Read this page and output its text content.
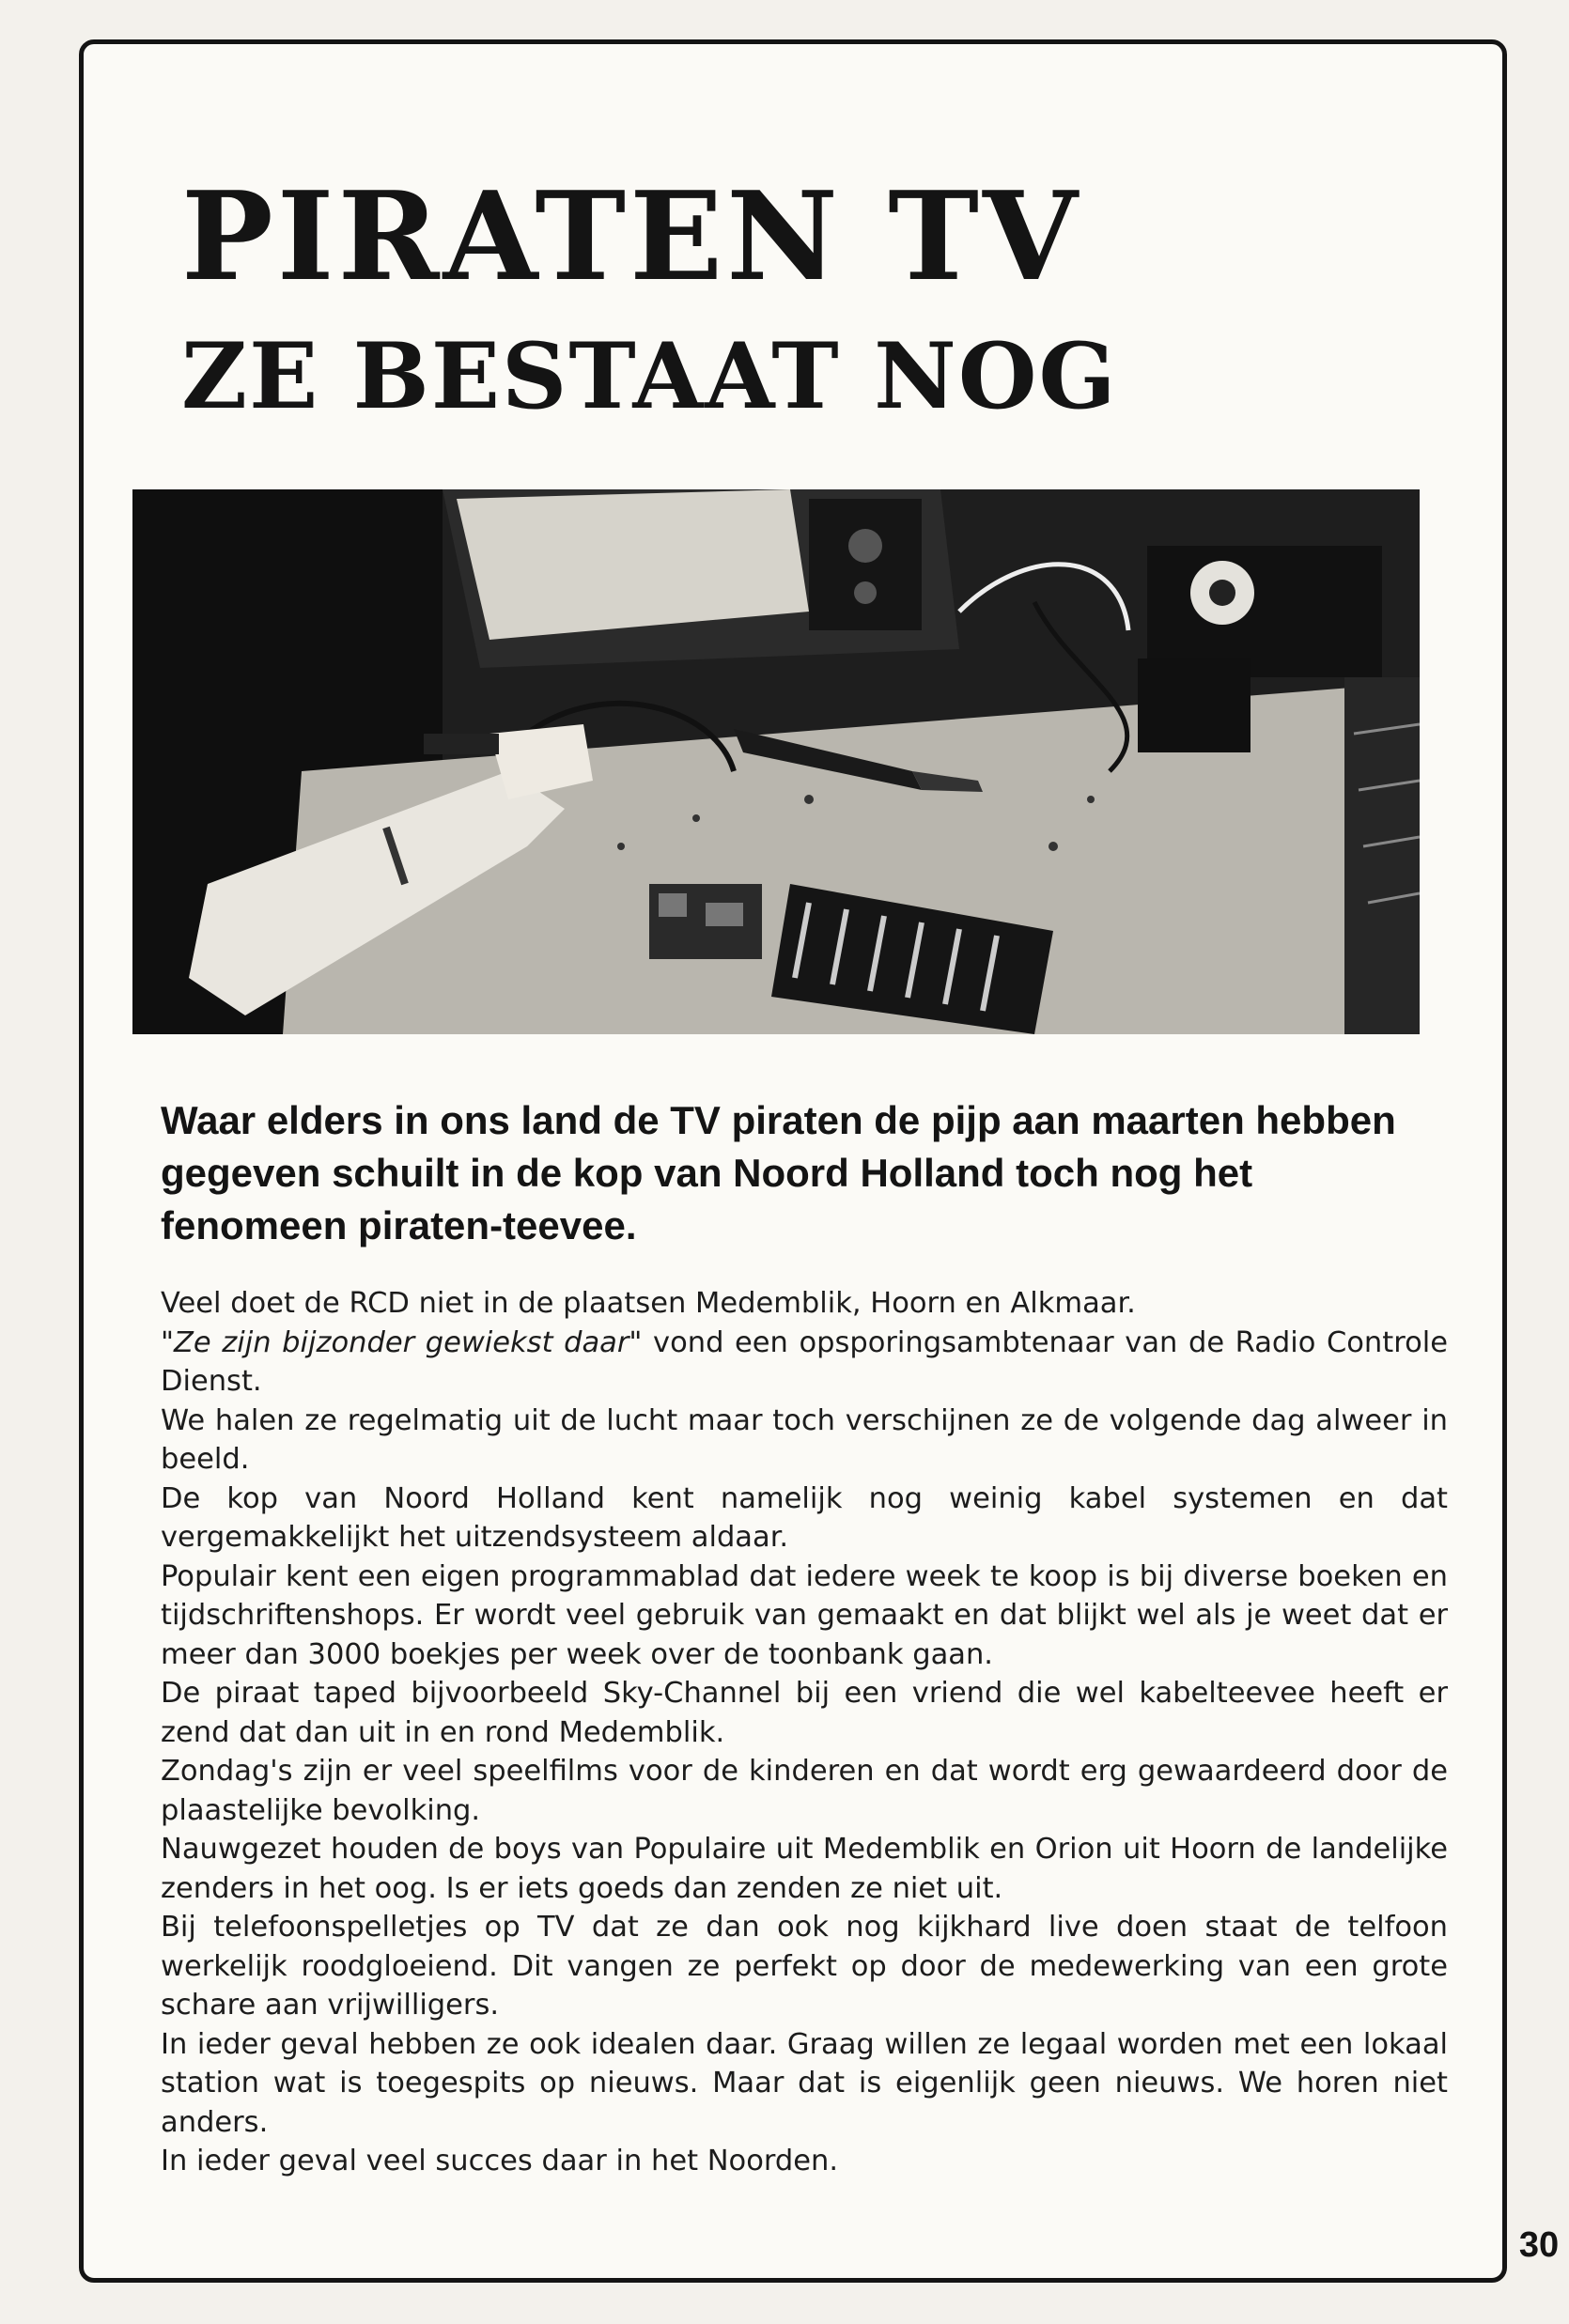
PIRATEN TV
ZE BESTAAT NOG

Waar elders in ons land de TV piraten de pijp aan maarten hebben gegeven schuilt in de kop van Noord Holland toch nog het fenomeen piraten-teevee.

Veel doet de RCD niet in de plaatsen Medemblik, Hoorn en Alkmaar.

"Ze zijn bijzonder gewiekst daar" vond een opsporingsambtenaar van de Radio Controle Dienst.

We halen ze regelmatig uit de lucht maar toch verschijnen ze de volgende dag alweer in beeld.

De kop van Noord Holland kent namelijk nog weinig kabel systemen en dat vergemakkelijkt het uitzendsysteem aldaar.

Populair kent een eigen programmablad dat iedere week te koop is bij diverse boeken en tijdschriftenshops. Er wordt veel gebruik van gemaakt en dat blijkt wel als je weet dat er meer dan 3000 boekjes per week over de toonbank gaan.

De piraat taped bijvoorbeeld Sky-Channel bij een vriend die wel kabelteevee heeft er zend dat dan uit in en rond Medemblik.

Zondag's zijn er veel speelfilms voor de kinderen en dat wordt erg gewaardeerd door de plaastelijke bevolking.

Nauwgezet houden de boys van Populaire uit Medemblik en Orion uit Hoorn de landelijke zenders in het oog. Is er iets goeds dan zenden ze niet uit.

Bij telefoonspelletjes op TV dat ze dan ook nog kijkhard live doen staat de telfoon werkelijk roodgloeiend. Dit vangen ze perfekt op door de medewerking van een grote schare aan vrijwilligers.

In ieder geval hebben ze ook idealen daar. Graag willen ze legaal worden met een lokaal station wat is toegespits op nieuws. Maar dat is eigenlijk geen nieuws. We horen niet anders.

In ieder geval veel succes daar in het Noorden.

30
